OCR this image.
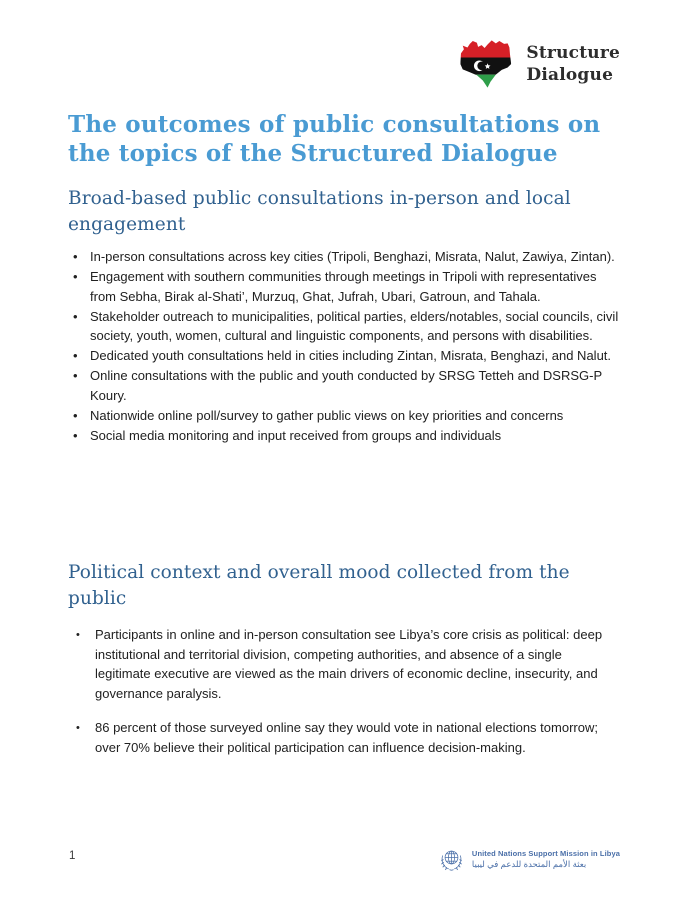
Structure
Dialogue
The outcomes of public consultations on the topics of the Structured Dialogue
Broad-based public consultations in-person and local engagement
• In-person consultations across key cities (Tripoli, Benghazi, Misrata, Nalut, Zawiya, Zintan).
• Engagement with southern communities through meetings in Tripoli with representatives from Sebha, Birak al-Shati’, Murzuq, Ghat, Jufrah, Ubari, Gatroun, and Tahala.
• Stakeholder outreach to municipalities, political parties, elders/notables, social councils, civil society, youth, women, cultural and linguistic components, and persons with disabilities.
• Dedicated youth consultations held in cities including Zintan, Misrata, Benghazi, and Nalut.
• Online consultations with the public and youth conducted by SRSG Tetteh and DSRSG-P Koury.
• Nationwide online poll/survey to gather public views on key priorities and concerns
• Social media monitoring and input received from groups and individuals
Political context and overall mood collected from the public
• Participants in online and in-person consultation see Libya’s core crisis as political: deep institutional and territorial division, competing authorities, and absence of a single legitimate executive are viewed as the main drivers of economic decline, insecurity, and governance paralysis.
• 86 percent of those surveyed online say they would vote in national elections tomorrow; over 70% believe their political participation can influence decision-making.
1	United Nations Support Mission in Libya
بعثة الأمم المتحدة للدعم في ليبيا
